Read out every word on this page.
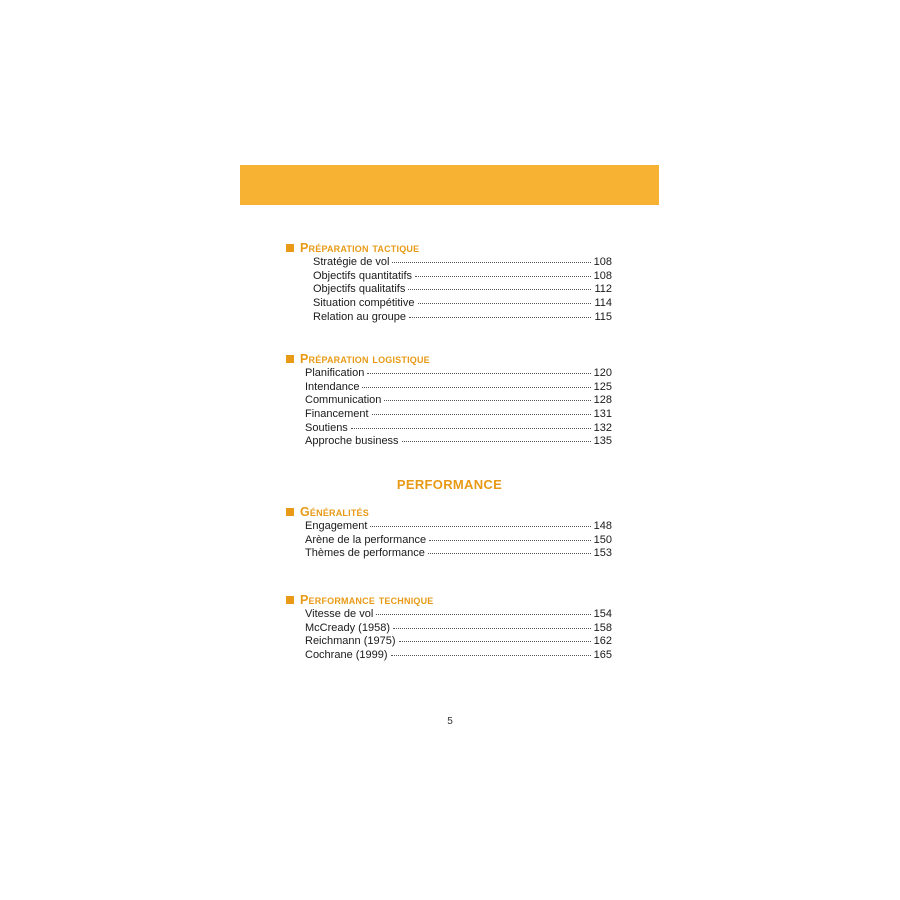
Préparation tactique
Stratégie de vol	108
Objectifs quantitatifs	108
Objectifs qualitatifs	112
Situation compétitive	114
Relation au groupe	115
Préparation logistique
Planification	120
Intendance	125
Communication	128
Financement	131
Soutiens	132
Approche business	135
PERFORMANCE
Généralités
Engagement	148
Arène de la performance	150
Thèmes de performance	153
Performance technique
Vitesse de vol	154
McCready (1958)	158
Reichmann (1975)	162
Cochrane (1999)	165
5
